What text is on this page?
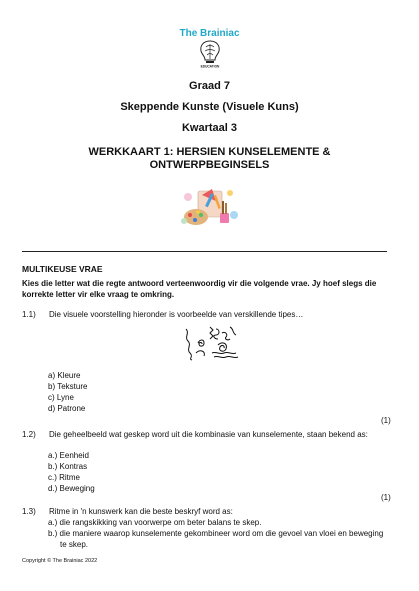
The Brainiac
EDUCATION
Graad 7
Skeppende Kunste (Visuele Kuns)
Kwartaal 3
WERKKAART 1: HERSIEN KUNSELEMENTE & ONTWERPBEGINSELS
MULTIKEUSE VRAE
Kies die letter wat die regte antwoord verteenwoordig vir die volgende vrae. Jy hoef slegs die korrekte letter vir elke vraag te omkring.
1.1) Die visuele voorstelling hieronder is voorbeelde van verskillende tipes…
a) Kleure
b) Teksture
c) Lyne
d) Patrone
(1)
1.2) Die geheelbeeld wat geskep word uit die kombinasie van kunselemente, staan bekend as:
a.) Eenheid
b.) Kontras
c.) Ritme
d.) Beweging
(1)
1.3) Ritme in 'n kunswerk kan die beste beskryf word as:
a.) die rangskikking van voorwerpe om beter balans te skep.
b.) die maniere waarop kunselemente gekombineer word om die gevoel van vloei en beweging te skep.
Copyright © The Brainiac 2022
